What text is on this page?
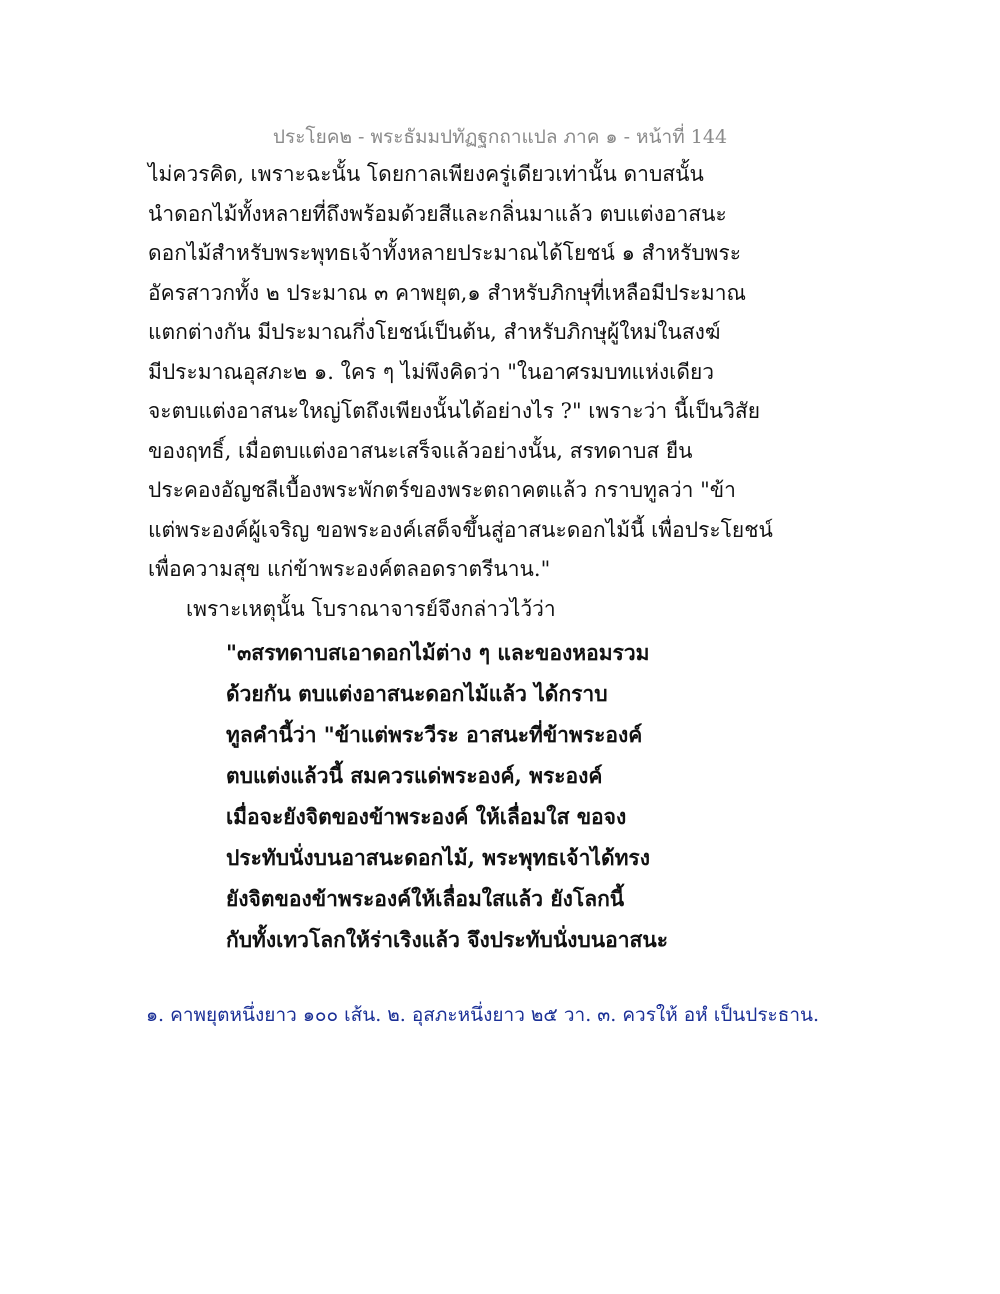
ประโยค๒ - พระธัมมปทัฏฐกถาแปล ภาค ๑ - หน้าที่ 144
ไม่ควรคิด, เพราะฉะนั้น โดยกาลเพียงครู่เดียวเท่านั้น ดาบสนั้น
นำดอกไม้ทั้งหลายที่ถึงพร้อมด้วยสีและกลิ่นมาแล้ว ตบแต่งอาสนะ
ดอกไม้สำหรับพระพุทธเจ้าทั้งหลายประมาณได้โยชน์ ๑ สำหรับพระ
อัครสาวกทั้ง ๒ ประมาณ ๓ คาพยุต,๑ สำหรับภิกษุที่เหลือมีประมาณ
แตกต่างกัน มีประมาณกึ่งโยชน์เป็นต้น, สำหรับภิกษุผู้ใหม่ในสงฆ์
มีประมาณอุสภะ๒ ๑. ใคร ๆ ไม่พึงคิดว่า "ในอาศรมบทแห่งเดียว
จะตบแต่งอาสนะใหญ่โตถึงเพียงนั้นได้อย่างไร ?" เพราะว่า นี้เป็นวิสัย
ของฤทธิ์, เมื่อตบแต่งอาสนะเสร็จแล้วอย่างนั้น, สรทดาบส ยืน
ประคองอัญชลีเบื้องพระพักตร์ของพระตถาคตแล้ว กราบทูลว่า "ข้า
แต่พระองค์ผู้เจริญ ขอพระองค์เสด็จขึ้นสู่อาสนะดอกไม้นี้ เพื่อประโยชน์
เพื่อความสุข แก่ข้าพระองค์ตลอดราตรีนาน."
เพราะเหตุนั้น โบราณาจารย์จึงกล่าวไว้ว่า
"๓สรทดาบสเอาดอกไม้ต่าง ๆ และของหอมรวม
ด้วยกัน ตบแต่งอาสนะดอกไม้แล้ว ได้กราบ
ทูลคำนี้ว่า "ข้าแต่พระวีระ อาสนะที่ข้าพระองค์
ตบแต่งแล้วนี้ สมควรแด่พระองค์, พระองค์
เมื่อจะยังจิตของข้าพระองค์ ให้เลื่อมใส ขอจง
ประทับนั่งบนอาสนะดอกไม้, พระพุทธเจ้าได้ทรง
ยังจิตของข้าพระองค์ให้เลื่อมใสแล้ว ยังโลกนี้
กับทั้งเทวโลกให้ร่าเริงแล้ว จึงประทับนั่งบนอาสนะ
๑. คาพยุตหนึ่งยาว ๑๐๐ เส้น. ๒. อุสภะหนึ่งยาว ๒๕ วา. ๓. ควรให้ อหํ เป็นประธาน.
